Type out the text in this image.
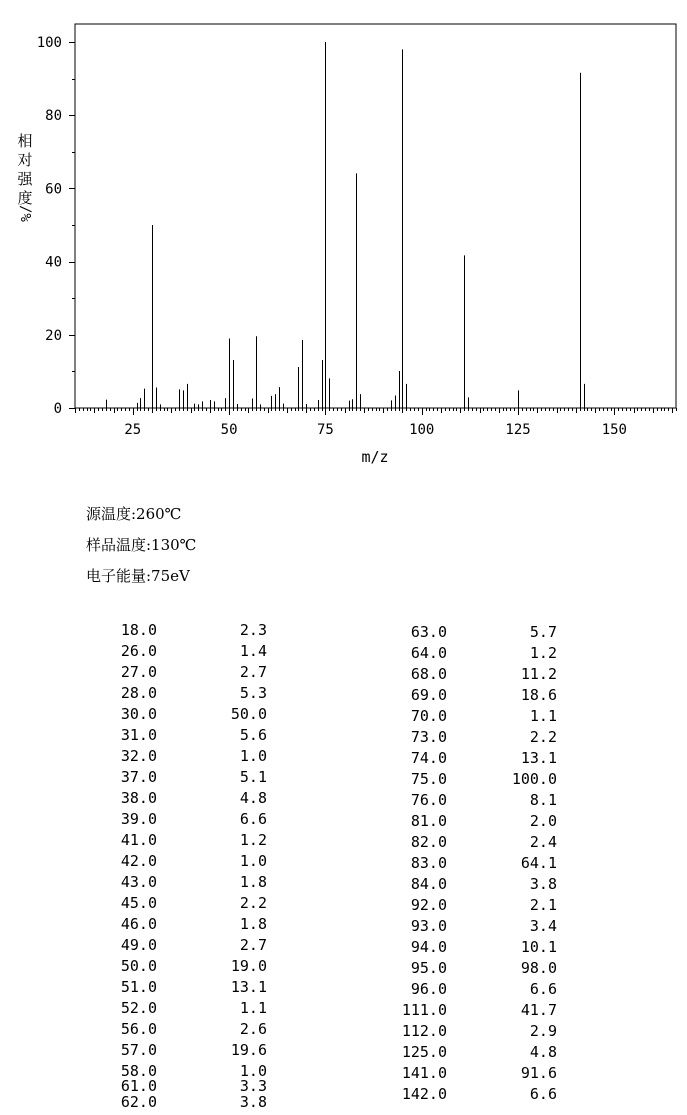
25	50	75	100	125	150
0
20
40
60
80
100
m/z
相对强度
/%
源温度:260℃
样品温度:130℃
电子能量:75eV
18.0	2.3
26.0	1.4
27.0	2.7
28.0	5.3
30.0	50.0
31.0	5.6
32.0	1.0
37.0	5.1
38.0	4.8
39.0	6.6
41.0	1.2
42.0	1.0
43.0	1.8
45.0	2.2
46.0	1.8
49.0	2.7
50.0	19.0
51.0	13.1
52.0	1.1
56.0	2.6
57.0	19.6
58.0	1.0
61.0	3.3
62.0	3.8
63.0	5.7
64.0	1.2
68.0	11.2
69.0	18.6
70.0	1.1
73.0	2.2
74.0	13.1
75.0	100.0
76.0	8.1
81.0	2.0
82.0	2.4
83.0	64.1
84.0	3.8
92.0	2.1
93.0	3.4
94.0	10.1
95.0	98.0
96.0	6.6
111.0	41.7
112.0	2.9
125.0	4.8
141.0	91.6
142.0	6.6
